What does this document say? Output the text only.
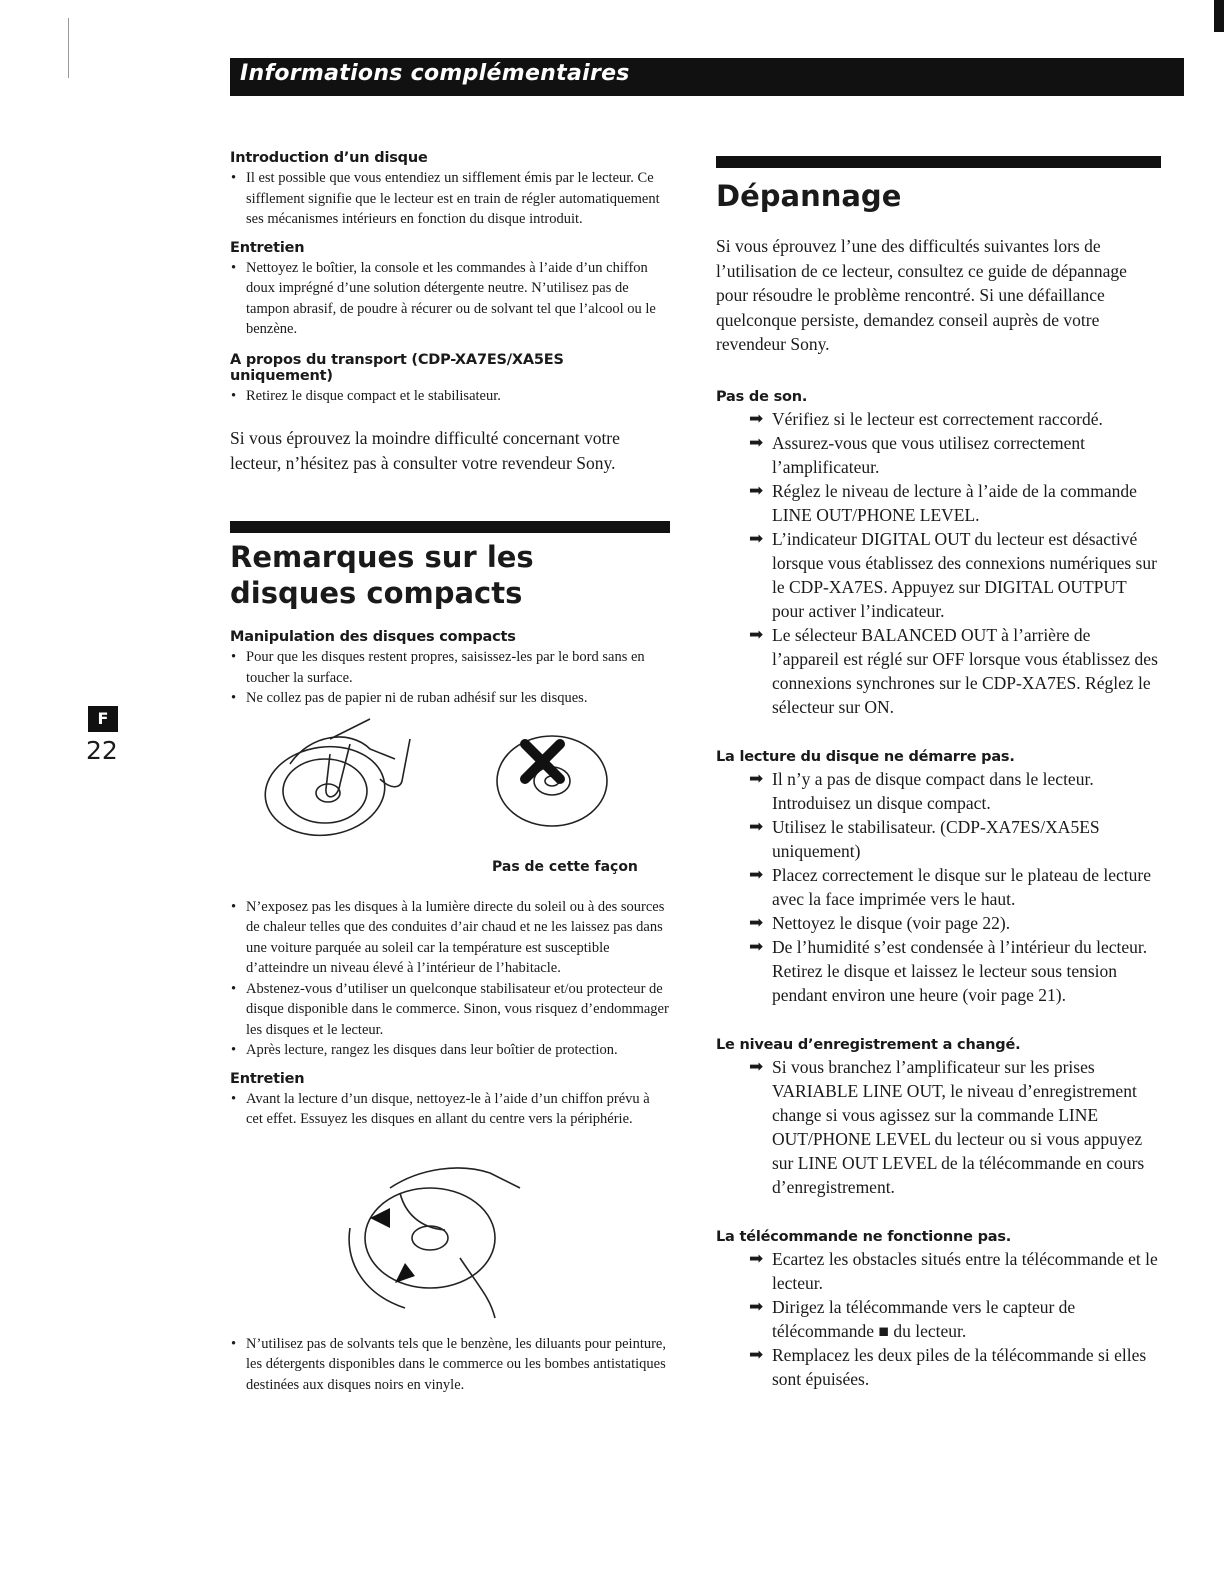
Informations complémentaires
F
22
Introduction d’un disque
• Il est possible que vous entendiez un sifflement émis par le lecteur. Ce sifflement signifie que le lecteur est en train de régler automatiquement ses mécanismes intérieurs en fonction du disque introduit.
Entretien
• Nettoyez le boîtier, la console et les commandes à l’aide d’un chiffon doux imprégné d’une solution détergente neutre. N’utilisez pas de tampon abrasif, de poudre à récurer ou de solvant tel que l’alcool ou le benzène.
A propos du transport (CDP-XA7ES/XA5ES uniquement)
• Retirez le disque compact et le stabilisateur.

Si vous éprouvez la moindre difficulté concernant votre lecteur, n’hésitez pas à consulter votre revendeur Sony.

Remarques sur les disques compacts
Manipulation des disques compacts
• Pour que les disques restent propres, saisissez-les par le bord sans en toucher la surface.
• Ne collez pas de papier ni de ruban adhésif sur les disques.
Pas de cette façon
• N’exposez pas les disques à la lumière directe du soleil ou à des sources de chaleur telles que des conduites d’air chaud et ne les laissez pas dans une voiture parquée au soleil car la température est susceptible d’atteindre un niveau élevé à l’intérieur de l’habitacle.
• Abstenez-vous d’utiliser un quelconque stabilisateur et/ou protecteur de disque disponible dans le commerce. Sinon, vous risquez d’endommager les disques et le lecteur.
• Après lecture, rangez les disques dans leur boîtier de protection.
Entretien
• Avant la lecture d’un disque, nettoyez-le à l’aide d’un chiffon prévu à cet effet. Essuyez les disques en allant du centre vers la périphérie.
• N’utilisez pas de solvants tels que le benzène, les diluants pour peinture, les détergents disponibles dans le commerce ou les bombes antistatiques destinées aux disques noirs en vinyle.
Dépannage

Si vous éprouvez l’une des difficultés suivantes lors de l’utilisation de ce lecteur, consultez ce guide de dépannage pour résoudre le problème rencontré. Si une défaillance quelconque persiste, demandez conseil auprès de votre revendeur Sony.

Pas de son.
➡ Vérifiez si le lecteur est correctement raccordé.
➡ Assurez-vous que vous utilisez correctement l’amplificateur.
➡ Réglez le niveau de lecture à l’aide de la commande LINE OUT/PHONE LEVEL.
➡ L’indicateur DIGITAL OUT du lecteur est désactivé lorsque vous établissez des connexions numériques sur le CDP-XA7ES. Appuyez sur DIGITAL OUTPUT pour activer l’indicateur.
➡ Le sélecteur BALANCED OUT à l’arrière de l’appareil est réglé sur OFF lorsque vous établissez des connexions synchrones sur le CDP-XA7ES. Réglez le sélecteur sur ON.
La lecture du disque ne démarre pas.
➡ Il n’y a pas de disque compact dans le lecteur. Introduisez un disque compact.
➡ Utilisez le stabilisateur. (CDP-XA7ES/XA5ES uniquement)
➡ Placez correctement le disque sur le plateau de lecture avec la face imprimée vers le haut.
➡ Nettoyez le disque (voir page 22).
➡ De l’humidité s’est condensée à l’intérieur du lecteur. Retirez le disque et laissez le lecteur sous tension pendant environ une heure (voir page 21).
Le niveau d’enregistrement a changé.
➡ Si vous branchez l’amplificateur sur les prises VARIABLE LINE OUT, le niveau d’enregistrement change si vous agissez sur la commande LINE OUT/PHONE LEVEL du lecteur ou si vous appuyez sur LINE OUT LEVEL de la télécommande en cours d’enregistrement.
La télécommande ne fonctionne pas.
➡ Ecartez les obstacles situés entre la télécommande et le lecteur.
➡ Dirigez la télécommande vers le capteur de télécommande ■ du lecteur.
➡ Remplacez les deux piles de la télécommande si elles sont épuisées.
